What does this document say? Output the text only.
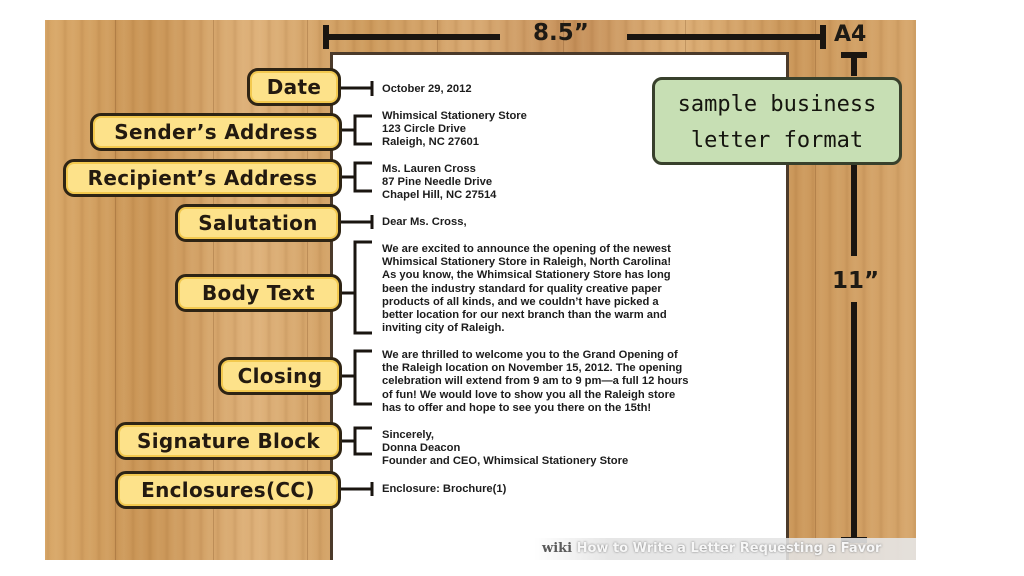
8.5”	A4
11”
October 29, 2012
Whimsical Stationery Store
123 Circle Drive
Raleigh, NC 27601
Ms. Lauren Cross
87 Pine Needle Drive
Chapel Hill, NC 27514
Dear Ms. Cross,
We are excited to announce the opening of the newest
Whimsical Stationery Store in Raleigh, North Carolina!
As you know, the Whimsical Stationery Store has long
been the industry standard for quality creative paper
products of all kinds, and we couldn’t have picked a
better location for our next branch than the warm and
inviting city of Raleigh.
We are thrilled to welcome you to the Grand Opening of
the Raleigh location on November 15, 2012. The opening
celebration will extend from 9 am to 9 pm—a full 12 hours
of fun! We would love to show you all the Raleigh store
has to offer and hope to see you there on the 15th!
Sincerely,
Donna Deacon
Founder and CEO, Whimsical Stationery Store
Enclosure: Brochure(1)
Date
Sender’s Address
Recipient’s Address
Salutation
Body Text
Closing
Signature Block
Enclosures(CC)
sample business
letter format
wiki How to Write a Letter Requesting a Favor
